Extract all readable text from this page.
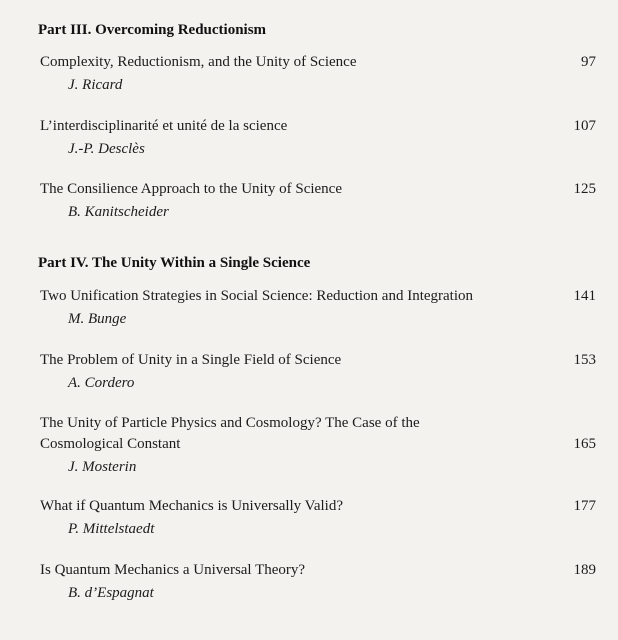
Part III. Overcoming Reductionism
Complexity, Reductionism, and the Unity of Science
J. Ricard
97
L’interdisciplinarité et unité de la science
J.-P. Desclès
107
The Consilience Approach to the Unity of Science
B. Kanitscheider
125
Part IV. The Unity Within a Single Science
Two Unification Strategies in Social Science: Reduction and Integration
M. Bunge
141
The Problem of Unity in a Single Field of Science
A. Cordero
153
The Unity of Particle Physics and Cosmology? The Case of the
Cosmological Constant
J. Mosterin
165
What if Quantum Mechanics is Universally Valid?
P. Mittelstaedt
177
Is Quantum Mechanics a Universal Theory?
B. d’Espagnat
189
